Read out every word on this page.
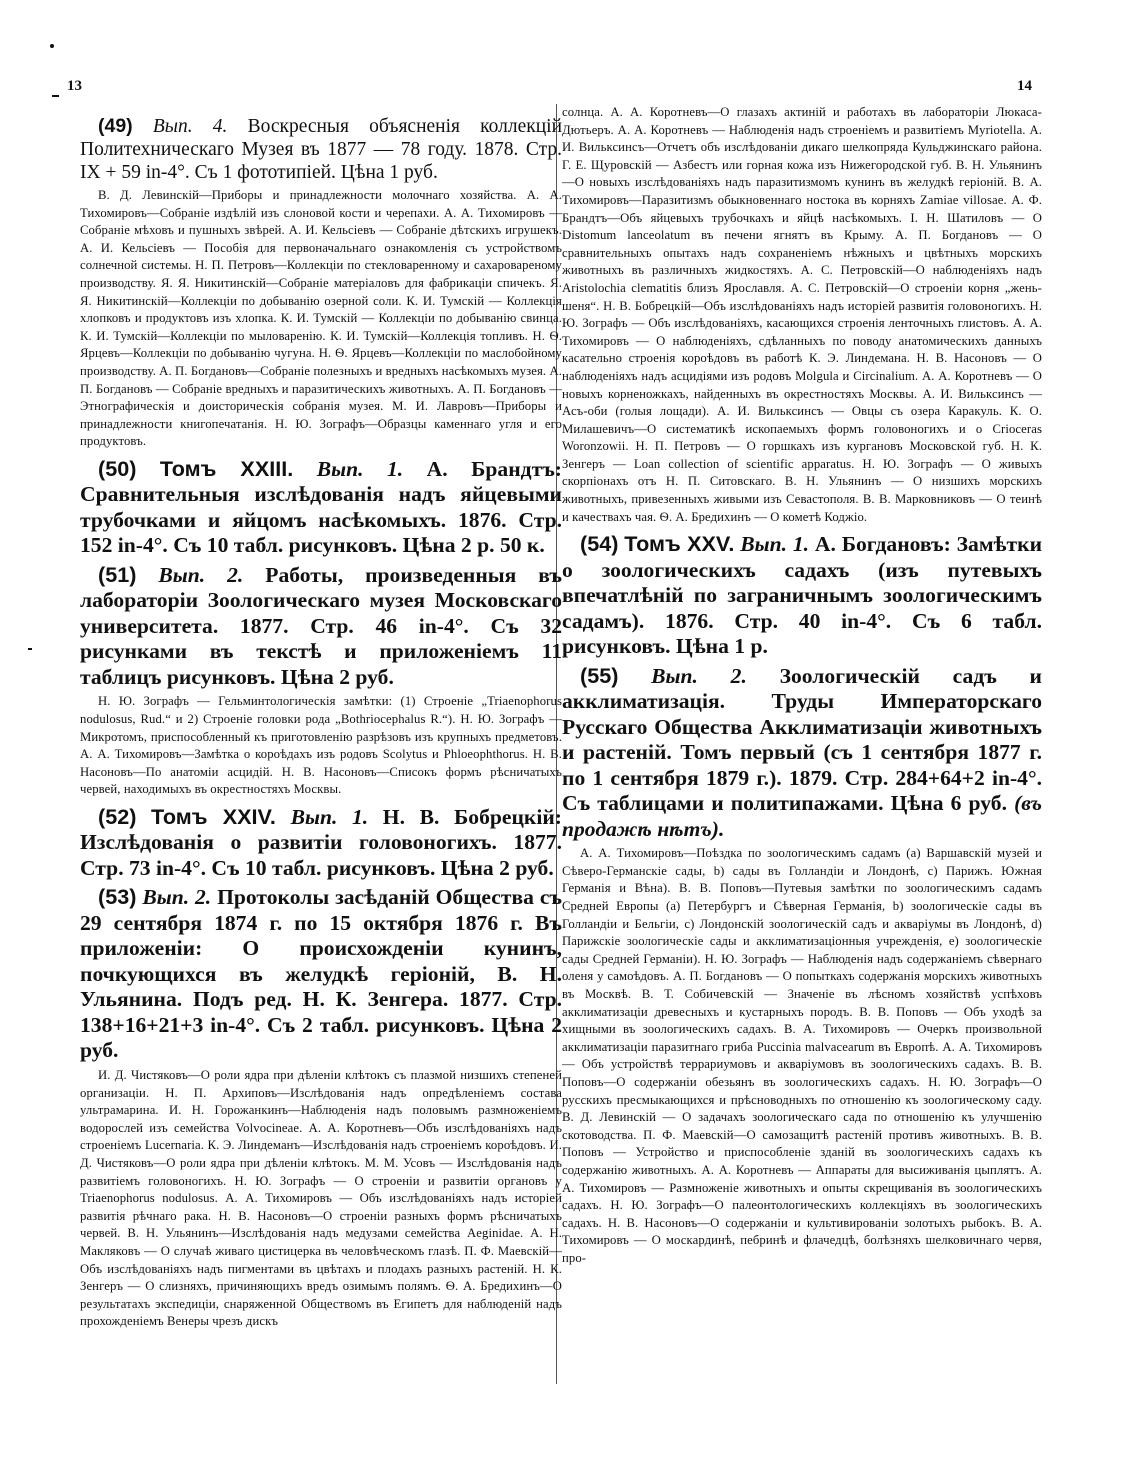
13	14

(49) Вып. 4. Воскресныя объясненія коллекцій Политехническаго Музея въ 1877 — 78 году. 1878. Стр. IX + 59 in-4°. Съ 1 фототипіей. Цѣна 1 руб.

В. Д. Левинскій—Приборы и принадлежности молочнаго хозяйства. А. А. Тихомировъ—Собраніе издѣлій изъ слоновой кости и черепахи. А. А. Тихомировъ — Собраніе мѣховъ и пушныхъ звѣрей. А. И. Кельсіевъ — Собраніе дѣтскихъ игрушекъ. А. И. Кельсіевъ — Пособія для первоначальнаго ознакомленія съ устройствомъ солнечной системы. Н. П. Петровъ—Коллекціи по стекловаренному и сахаровареному производству. Я. Я. Никитинскій—Собраніе матеріаловъ для фабрикаціи спичекъ. Я. Я. Никитинскій—Коллекціи по добыванію озерной соли. К. И. Тумскій — Коллекція хлопковъ и продуктовъ изъ хлопка. К. И. Тумскій — Коллекціи по добыванію свинца. К. И. Тумскій—Коллекціи по мыловаренію. К. И. Тумскій—Коллекція топливъ. Н. Ѳ. Ярцевъ—Коллекціи по добыванію чугуна. Н. Ѳ. Ярцевъ—Коллекціи по маслобойному производству. А. П. Богдановъ—Собраніе полезныхъ и вредныхъ насѣкомыхъ музея. А. П. Богдановъ — Собраніе вредныхъ и паразитическихъ животныхъ. А. П. Богдановъ — Этнографическія и доисторическія собранія музея. М. И. Лавровъ—Приборы и принадлежности книгопечатанія. Н. Ю. Зографъ—Образцы каменнаго угля и его продуктовъ.

(50) Томъ XXIII. Вып. 1. А. Брандтъ: Сравнительныя изслѣдованія надъ яйцевыми трубочками и яйцомъ насѣкомыхъ. 1876. Стр. 152 in-4°. Съ 10 табл. рисунковъ. Цѣна 2 р. 50 к.

(51) Вып. 2. Работы, произведенныя въ лабораторіи Зоологическаго музея Московскаго университета. 1877. Стр. 46 in-4°. Съ 32 рисунками въ текстѣ и приложеніемъ 11 таблицъ рисунковъ. Цѣна 2 руб.

Н. Ю. Зографъ — Гельминтологическія замѣтки: (1) Строеніе „Triaenophorus nodulosus, Rud.“ и 2) Строеніе головки рода „Bothriocephalus R.“). Н. Ю. Зографъ — Микротомъ, приспособленный къ приготовленію разрѣзовъ изъ крупныхъ предметовъ. А. А. Тихомировъ—Замѣтка о короѣдахъ изъ родовъ Scolytus и Phloeophthorus. Н. В. Насоновъ—По анатоміи асцидій. Н. В. Насоновъ—Списокъ формъ рѣсничатыхъ червей, находимыхъ въ окрестностяхъ Москвы.

(52) Томъ XXIV. Вып. 1. Н. В. Бобрецкій: Изслѣдованія о развитіи головоногихъ. 1877. Стр. 73 in-4°. Съ 10 табл. рисунковъ. Цѣна 2 руб.

(53) Вып. 2. Протоколы засѣданій Общества съ 29 сентября 1874 г. по 15 октября 1876 г. Въ приложеніи: О происхожденіи кунинъ, почкующихся въ желудкѣ геріоній, В. Н. Ульянина. Подъ ред. Н. К. Зенгера. 1877. Стр. 138+16+21+3 in-4°. Съ 2 табл. рисунковъ. Цѣна 2 руб.

И. Д. Чистяковъ—О роли ядра при дѣленіи клѣтокъ съ плазмой низшихъ степеней организаціи. Н. П. Архиповъ—Изслѣдованія надъ опредѣленіемъ состава ультрамарина. И. Н. Горожанкинъ—Наблюденія надъ половымъ размноженіемъ водорослей изъ семейства Volvocineae. А. А. Коротневъ—Объ изслѣдованіяхъ надъ строеніемъ Lucernaria. К. Э. Линдеманъ—Изслѣдованія надъ строеніемъ короѣдовъ. И. Д. Чистяковъ—О роли ядра при дѣленіи клѣтокъ. М. М. Усовъ — Изслѣдованія надъ развитіемъ головоногихъ. Н. Ю. Зографъ — О строеніи и развитіи органовъ у Triaenophorus nodulosus. А. А. Тихомировъ — Объ изслѣдованіяхъ надъ исторіей развитія рѣчнаго рака. Н. В. Насоновъ—О строеніи разныхъ формъ рѣсничатыхъ червей. В. Н. Ульянинъ—Изслѣдованія надъ медузами семейства Aeginidae. А. Н. Макляковъ — О случаѣ живаго цистицерка въ человѣческомъ глазѣ. П. Ф. Маевскій—Объ изслѣдованіяхъ надъ пигментами въ цвѣтахъ и плодахъ разныхъ растеній. Н. К. Зенгеръ — О слизняхъ, причиняющихъ вредъ озимымъ полямъ. Ѳ. А. Бредихинъ—О результатахъ экспедиціи, снаряженной Обществомъ въ Египетъ для наблюденій надъ прохожденіемъ Венеры чрезъ дискъ

солнца. А. А. Коротневъ—О глазахъ актиній и работахъ въ лабораторіи Люкаса-Дютьеръ. А. А. Коротневъ — Наблюденія надъ строеніемъ и развитіемъ Myriotella. А. И. Вильксинсъ—Отчетъ объ изслѣдованіи дикаго шелкопряда Кульджинскаго района. Г. Е. Щуровскій — Азбестъ или горная кожа изъ Нижегородской губ. В. Н. Ульянинъ—О новыхъ изслѣдованіяхъ надъ паразитизмомъ кунинъ въ желудкѣ геріоній. В. А. Тихомировъ—Паразитизмъ обыкновеннаго ностока въ корняхъ Zamiae villosae. А. Ф. Брандтъ—Объ яйцевыхъ трубочкахъ и яйцѣ насѣкомыхъ. І. Н. Шатиловъ — О Distomum lanceolatum въ печени ягнятъ въ Крыму. А. П. Богдановъ — О сравнительныхъ опытахъ надъ сохраненіемъ нѣжныхъ и цвѣтныхъ морскихъ животныхъ въ различныхъ жидкостяхъ. А. С. Петровскій—О наблюденіяхъ надъ Aristolochia clematitis близъ Ярославля. А. С. Петровскій—О строеніи корня „жень-шеня“. Н. В. Бобрецкій—Объ изслѣдованіяхъ надъ исторіей развитія головоногихъ. Н. Ю. Зографъ — Объ изслѣдованіяхъ, касающихся строенія ленточныхъ глистовъ. А. А. Тихомировъ — О наблюденіяхъ, сдѣланныхъ по поводу анатомическихъ данныхъ касательно строенія короѣдовъ въ работѣ К. Э. Линдемана. Н. В. Насоновъ — О наблюденіяхъ надъ асцидіями изъ родовъ Molgula и Circinalium. А. А. Коротневъ — О новыхъ корненожкахъ, найденныхъ въ окрестностяхъ Москвы. А. И. Вильксинсъ — Асъ-оби (голыя лощади). А. И. Вильксинсъ — Овцы съ озера Каракуль. К. О. Милашевичъ—О систематикѣ ископаемыхъ формъ головоногихъ и о Crioceras Woronzowii. Н. П. Петровъ — О горшкахъ изъ кургановъ Московской губ. Н. К. Зенгеръ — Loan collection of scientific apparatus. Н. Ю. Зографъ — О живыхъ скорпіонахъ отъ Н. П. Ситовскаго. В. Н. Ульянинъ — О низшихъ морскихъ животныхъ, привезенныхъ живыми изъ Севастополя. В. В. Марковниковъ — О теинѣ и качествахъ чая. Ѳ. А. Бредихинъ — О кометѣ Коджіо.

(54) Томъ XXV. Вып. 1. А. Богдановъ: Замѣтки о зоологическихъ садахъ (изъ путевыхъ впечатлѣній по заграничнымъ зоологическимъ садамъ). 1876. Стр. 40 in-4°. Съ 6 табл. рисунковъ. Цѣна 1 р.

(55) Вып. 2. Зоологическій садъ и акклиматизація. Труды Императорскаго Русскаго Общества Акклиматизаціи животныхъ и растеній. Томъ первый (съ 1 сентября 1877 г. по 1 сентября 1879 г.). 1879. Стр. 284+64+2 in-4°. Съ таблицами и политипажами. Цѣна 6 руб. (въ продажѣ нѣтъ).

А. А. Тихомировъ—Поѣздка по зоологическимъ садамъ (a) Варшавскій музей и Сѣверо-Германскіе сады, b) сады въ Голландіи и Лондонѣ, c) Парижъ. Южная Германія и Вѣна). В. В. Поповъ—Путевыя замѣтки по зоологическимъ садамъ Средней Европы (a) Петербургъ и Сѣверная Германія, b) зоологическіе сады въ Голландіи и Бельгіи, c) Лондонскій зоологическій садъ и акваріумы въ Лондонѣ, d) Парижскіе зоологическіе сады и акклиматизаціонныя учрежденія, e) зоологическіе сады Средней Германіи). Н. Ю. Зографъ — Наблюденія надъ содержаніемъ сѣвернаго оленя у самоѣдовъ. А. П. Богдановъ — О попыткахъ содержанія морскихъ животныхъ въ Москвѣ. В. Т. Собичевскій — Значеніе въ лѣсномъ хозяйствѣ успѣховъ акклиматизаціи древесныхъ и кустарныхъ породъ. В. В. Поповъ — Объ уходѣ за хищными въ зоологическихъ садахъ. В. А. Тихомировъ — Очеркъ произвольной акклиматизаціи паразитнаго гриба Puccinia malvacearum въ Европѣ. А. А. Тихомировъ — Объ устройствѣ террариумовъ и акваріумовъ въ зоологическихъ садахъ. В. В. Поповъ—О содержаніи обезьянъ въ зоологическихъ садахъ. Н. Ю. Зографъ—О русскихъ пресмыкающихся и прѣсноводныхъ по отношенію къ зоологическому саду. В. Д. Левинскій — О задачахъ зоологическаго сада по отношенію къ улучшенію скотоводства. П. Ф. Маевскій—О самозащитѣ растеній противъ животныхъ. В. В. Поповъ — Устройство и приспособленіе зданій въ зоологическихъ садахъ къ содержанію животныхъ. А. А. Коротневъ — Аппараты для высиживанія цыплятъ. А. А. Тихомировъ — Размноженіе животныхъ и опыты скрещиванія въ зоологическихъ садахъ. Н. Ю. Зографъ—О палеонтологическихъ коллекціяхъ въ зоологическихъ садахъ. Н. В. Насоновъ—О содержаніи и культивированіи золотыхъ рыбокъ. В. А. Тихомировъ — О москардинѣ, пебринѣ и флачедцѣ, болѣзняхъ шелковичнаго червя, про-
